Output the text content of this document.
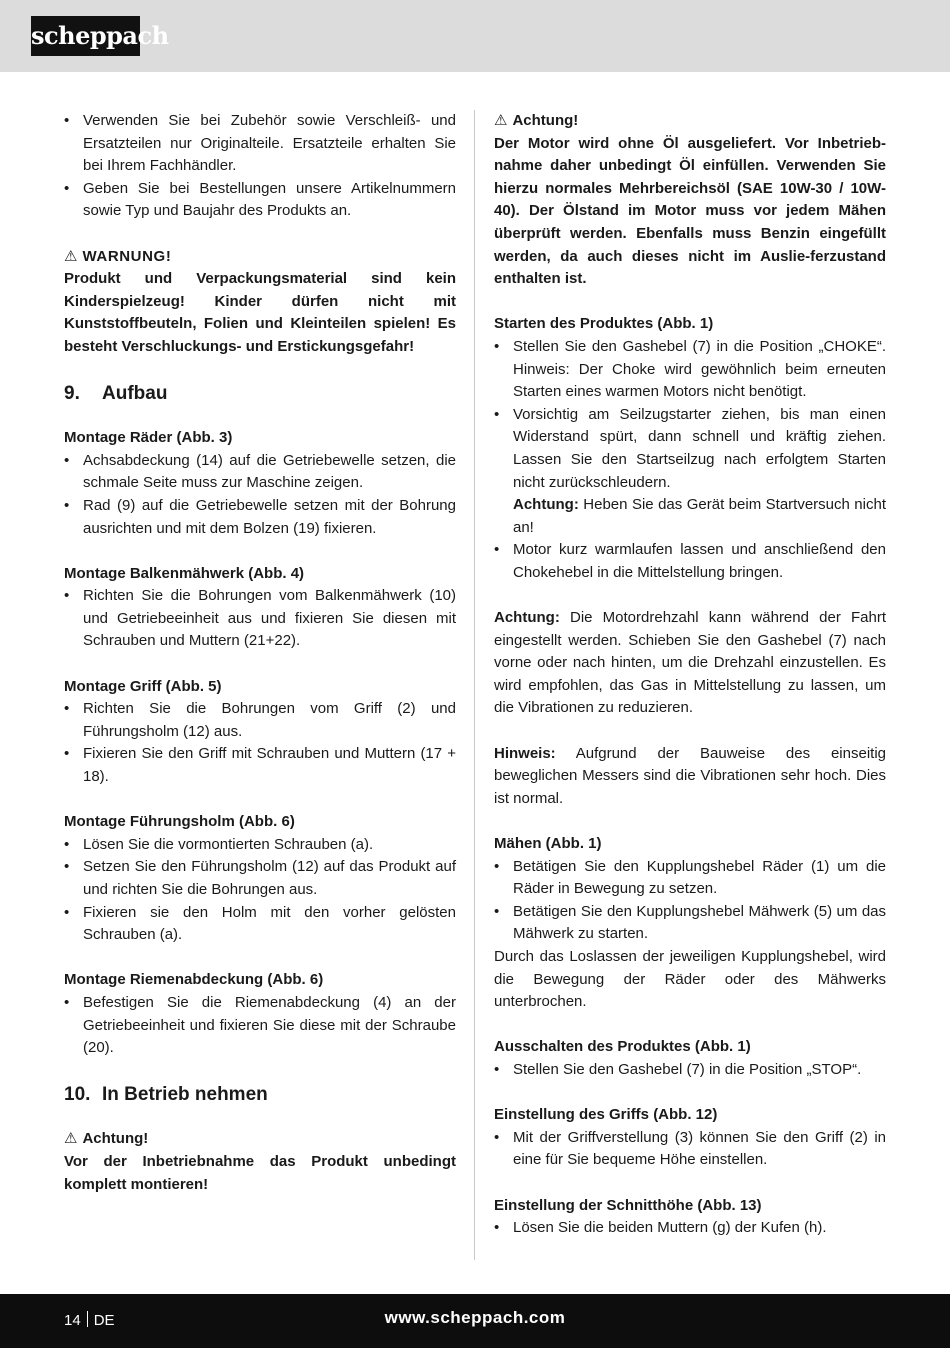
scheppach
• Verwenden Sie bei Zubehör sowie Verschleiß- und Ersatzteilen nur Originalteile. Ersatzteile erhalten Sie bei Ihrem Fachhändler.
• Geben Sie bei Bestellungen unsere Artikelnummern sowie Typ und Baujahr des Produkts an.
⚠ WARNUNG!
Produkt und Verpackungsmaterial sind kein Kinderspielzeug! Kinder dürfen nicht mit Kunststoffbeuteln, Folien und Kleinteilen spielen! Es besteht Verschluckungs- und Erstickungsgefahr!
9. Aufbau
Montage Räder (Abb. 3)
• Achsabdeckung (14) auf die Getriebewelle setzen, die schmale Seite muss zur Maschine zeigen.
• Rad (9) auf die Getriebewelle setzen mit der Bohrung ausrichten und mit dem Bolzen (19) fixieren.
Montage Balkenmähwerk (Abb. 4)
• Richten Sie die Bohrungen vom Balkenmähwerk (10) und Getriebeeinheit aus und fixieren Sie diesen mit Schrauben und Muttern (21+22).
Montage Griff (Abb. 5)
• Richten Sie die Bohrungen vom Griff (2) und Führungsholm (12) aus.
• Fixieren Sie den Griff mit Schrauben und Muttern (17 + 18).
Montage Führungsholm (Abb. 6)
• Lösen Sie die vormontierten Schrauben (a).
• Setzen Sie den Führungsholm (12) auf das Produkt auf und richten Sie die Bohrungen aus.
• Fixieren sie den Holm mit den vorher gelösten Schrauben (a).
Montage Riemenabdeckung (Abb. 6)
• Befestigen Sie die Riemenabdeckung (4) an der Getriebeeinheit und fixieren Sie diese mit der Schraube (20).
10. In Betrieb nehmen
⚠ Achtung!
Vor der Inbetriebnahme das Produkt unbedingt komplett montieren!
⚠ Achtung!
Der Motor wird ohne Öl ausgeliefert. Vor Inbetrieb-nahme daher unbedingt Öl einfüllen. Verwenden Sie hierzu normales Mehrbereichsöl (SAE 10W-30 / 10W-40). Der Ölstand im Motor muss vor jedem Mähen überprüft werden. Ebenfalls muss Benzin eingefüllt werden, da auch dieses nicht im Auslie-ferzustand enthalten ist.
Starten des Produktes (Abb. 1)
• Stellen Sie den Gashebel (7) in die Position „CHOKE“. Hinweis: Der Choke wird gewöhnlich beim erneuten Starten eines warmen Motors nicht benötigt.
• Vorsichtig am Seilzugstarter ziehen, bis man einen Widerstand spürt, dann schnell und kräftig ziehen. Lassen Sie den Startseilzug nach erfolgtem Starten nicht zurückschleudern.
Achtung: Heben Sie das Gerät beim Startversuch nicht an!
• Motor kurz warmlaufen lassen und anschließend den Chokehebel in die Mittelstellung bringen.
Achtung: Die Motordrehzahl kann während der Fahrt eingestellt werden. Schieben Sie den Gashebel (7) nach vorne oder nach hinten, um die Drehzahl einzustellen. Es wird empfohlen, das Gas in Mittelstellung zu lassen, um die Vibrationen zu reduzieren.
Hinweis: Aufgrund der Bauweise des einseitig beweglichen Messers sind die Vibrationen sehr hoch. Dies ist normal.
Mähen (Abb. 1)
• Betätigen Sie den Kupplungshebel Räder (1) um die Räder in Bewegung zu setzen.
• Betätigen Sie den Kupplungshebel Mähwerk (5) um das Mähwerk zu starten.
Durch das Loslassen der jeweiligen Kupplungshebel, wird die Bewegung der Räder oder des Mähwerks unterbrochen.
Ausschalten des Produktes (Abb. 1)
• Stellen Sie den Gashebel (7) in die Position „STOP“.
Einstellung des Griffs (Abb. 12)
• Mit der Griffverstellung (3) können Sie den Griff (2) in eine für Sie bequeme Höhe einstellen.
Einstellung der Schnitthöhe (Abb. 13)
• Lösen Sie die beiden Muttern (g) der Kufen (h).
14 DE	www.scheppach.com
